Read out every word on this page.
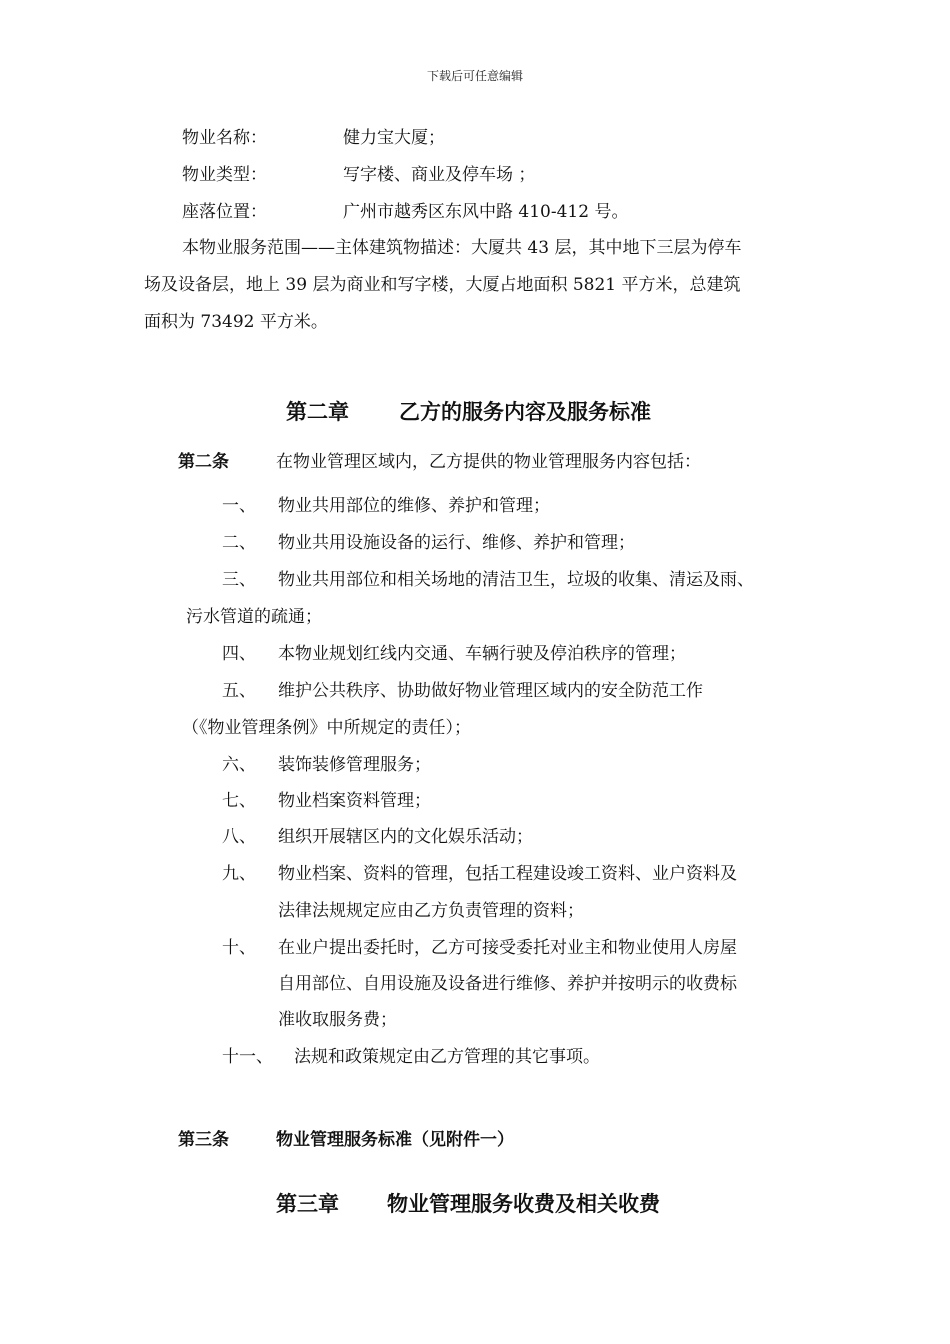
下载后可任意编辑
物业名称：	健力宝大厦；
物业类型：	写字楼、商业及停车场 ；
座落位置：	广州市越秀区东风中路 410-412 号。
本物业服务范围——主体建筑物描述：大厦共 43 层，其中地下三层为停车
场及设备层，地上 39 层为商业和写字楼，大厦占地面积 5821 平方米，总建筑
面积为 73492 平方米。
第二章 乙方的服务内容及服务标准
第二条	在物业管理区域内，乙方提供的物业管理服务内容包括：
一、 物业共用部位的维修、养护和管理；
二、 物业共用设施设备的运行、维修、养护和管理；
三、 物业共用部位和相关场地的清洁卫生，垃圾的收集、清运及雨、
污水管道的疏通；
四、 本物业规划红线内交通、车辆行驶及停泊秩序的管理；
五、 维护公共秩序、协助做好物业管理区域内的安全防范工作
（《物业管理条例》中所规定的责任）；
六、 装饰装修管理服务；
七、 物业档案资料管理；
八、 组织开展辖区内的文化娱乐活动；
九、 物业档案、资料的管理，包括工程建设竣工资料、业户资料及
法律法规规定应由乙方负责管理的资料；
十、 在业户提出委托时，乙方可接受委托对业主和物业使用人房屋
自用部位、自用设施及设备进行维修、养护并按明示的收费标
准收取服务费；
十一、 法规和政策规定由乙方管理的其它事项。
第三条	物业管理服务标准（见附件一）
第三章 物业管理服务收费及相关收费
